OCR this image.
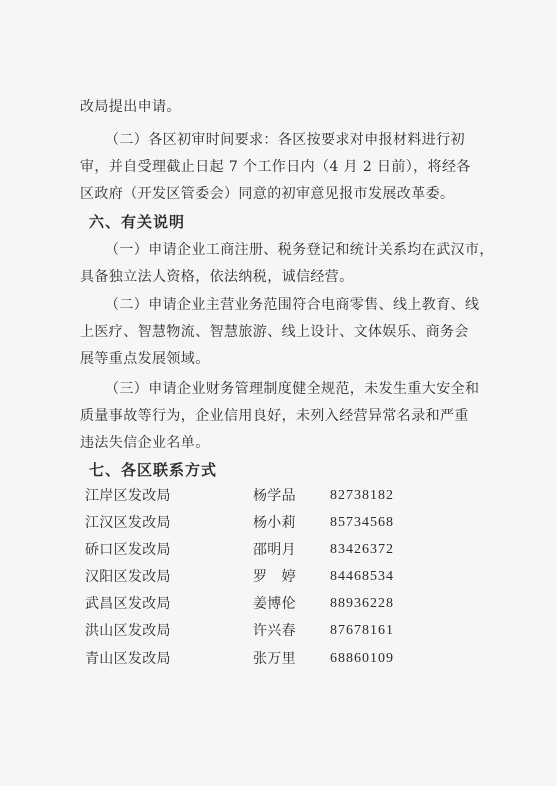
改局提出申请。
（二）各区初审时间要求：各区按要求对申报材料进行初
审，并自受理截止日起 7 个工作日内（4 月 2 日前），将经各
区政府（开发区管委会）同意的初审意见报市发展改革委。
六、有关说明
（一）申请企业工商注册、税务登记和统计关系均在武汉市，
具备独立法人资格，依法纳税，诚信经营。
（二）申请企业主营业务范围符合电商零售、线上教育、线
上医疗、智慧物流、智慧旅游、线上设计、文体娱乐、商务会
展等重点发展领域。
（三）申请企业财务管理制度健全规范，未发生重大安全和
质量事故等行为，企业信用良好，未列入经营异常名录和严重
违法失信企业名单。
七、各区联系方式
江岸区发改局	杨学品 82738182
江汉区发改局	杨小莉 85734568
硚口区发改局	邵明月 83426372
汉阳区发改局	罗　婷 84468534
武昌区发改局	姜博伦 88936228
洪山区发改局	许兴春 87678161
青山区发改局	张万里 68860109
